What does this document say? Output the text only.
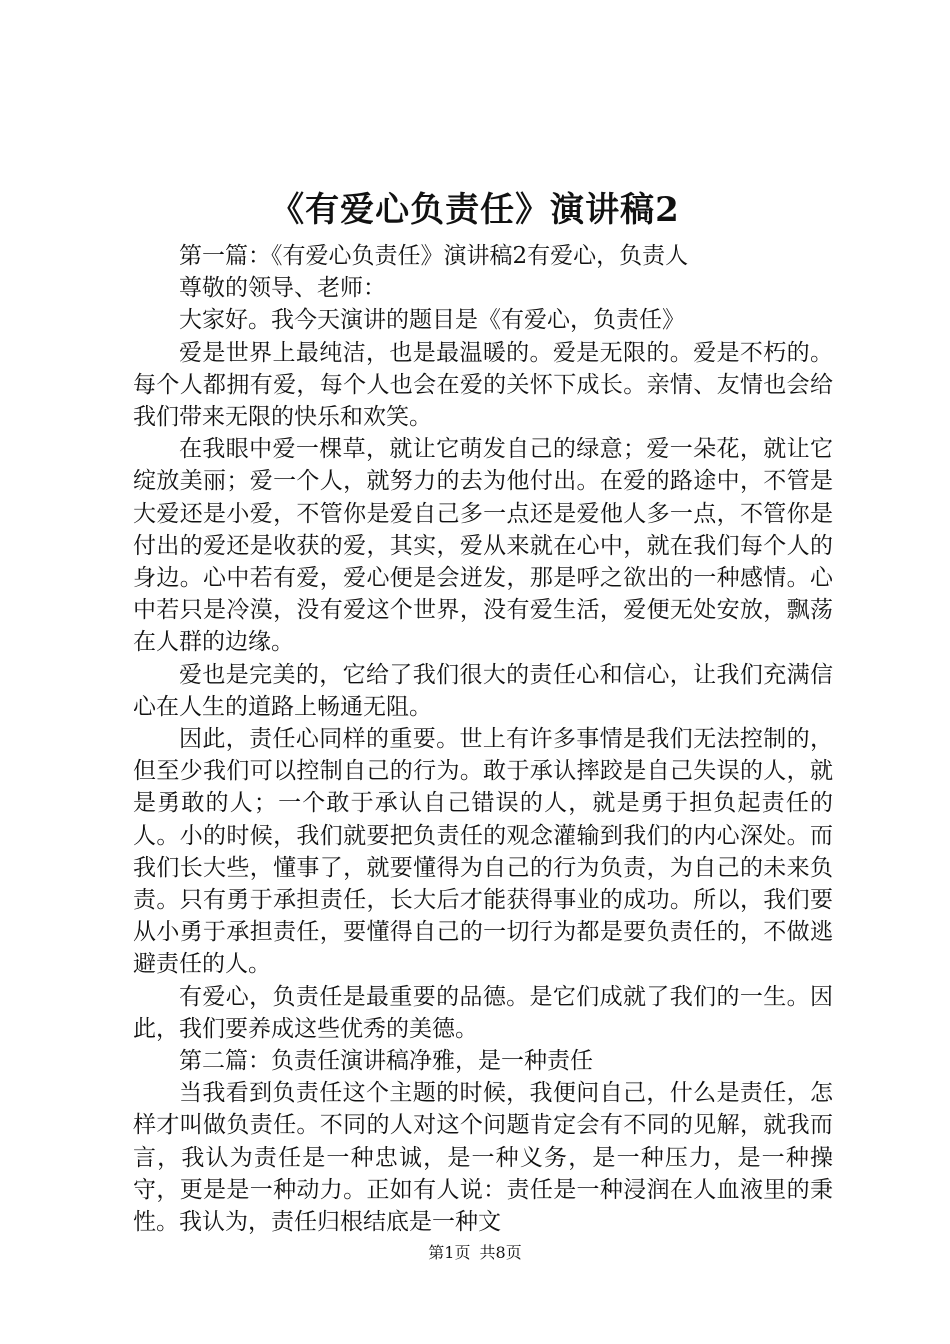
《有爱心负责任》演讲稿2

第一篇：《有爱心负责任》演讲稿2有爱心，负责人

尊敬的领导、老师：

大家好。我今天演讲的题目是《有爱心，负责任》

爱是世界上最纯洁，也是最温暖的。爱是无限的。爱是不朽的。每个人都拥有爱，每个人也会在爱的关怀下成长。亲情、友情也会给我们带来无限的快乐和欢笑。

在我眼中爱一棵草，就让它萌发自己的绿意；爱一朵花，就让它绽放美丽；爱一个人，就努力的去为他付出。在爱的路途中，不管是大爱还是小爱，不管你是爱自己多一点还是爱他人多一点，不管你是付出的爱还是收获的爱，其实，爱从来就在心中，就在我们每个人的身边。心中若有爱，爱心便是会迸发，那是呼之欲出的一种感情。心中若只是冷漠，没有爱这个世界，没有爱生活，爱便无处安放，飘荡在人群的边缘。

爱也是完美的，它给了我们很大的责任心和信心，让我们充满信心在人生的道路上畅通无阻。

因此，责任心同样的重要。世上有许多事情是我们无法控制的，但至少我们可以控制自己的行为。敢于承认摔跤是自己失误的人，就是勇敢的人；一个敢于承认自己错误的人，就是勇于担负起责任的人。小的时候，我们就要把负责任的观念灌输到我们的内心深处。而我们长大些，懂事了，就要懂得为自己的行为负责，为自己的未来负责。只有勇于承担责任，长大后才能获得事业的成功。所以，我们要从小勇于承担责任，要懂得自己的一切行为都是要负责任的，不做逃避责任的人。

有爱心，负责任是最重要的品德。是它们成就了我们的一生。因此，我们要养成这些优秀的美德。

第二篇：负责任演讲稿净雅，是一种责任

当我看到负责任这个主题的时候，我便问自己，什么是责任，怎样才叫做负责任。不同的人对这个问题肯定会有不同的见解，就我而言，我认为责任是一种忠诚，是一种义务，是一种压力，是一种操守，更是是一种动力。正如有人说：责任是一种浸润在人血液里的秉性。我认为，责任归根结底是一种文

第1页 共8页
